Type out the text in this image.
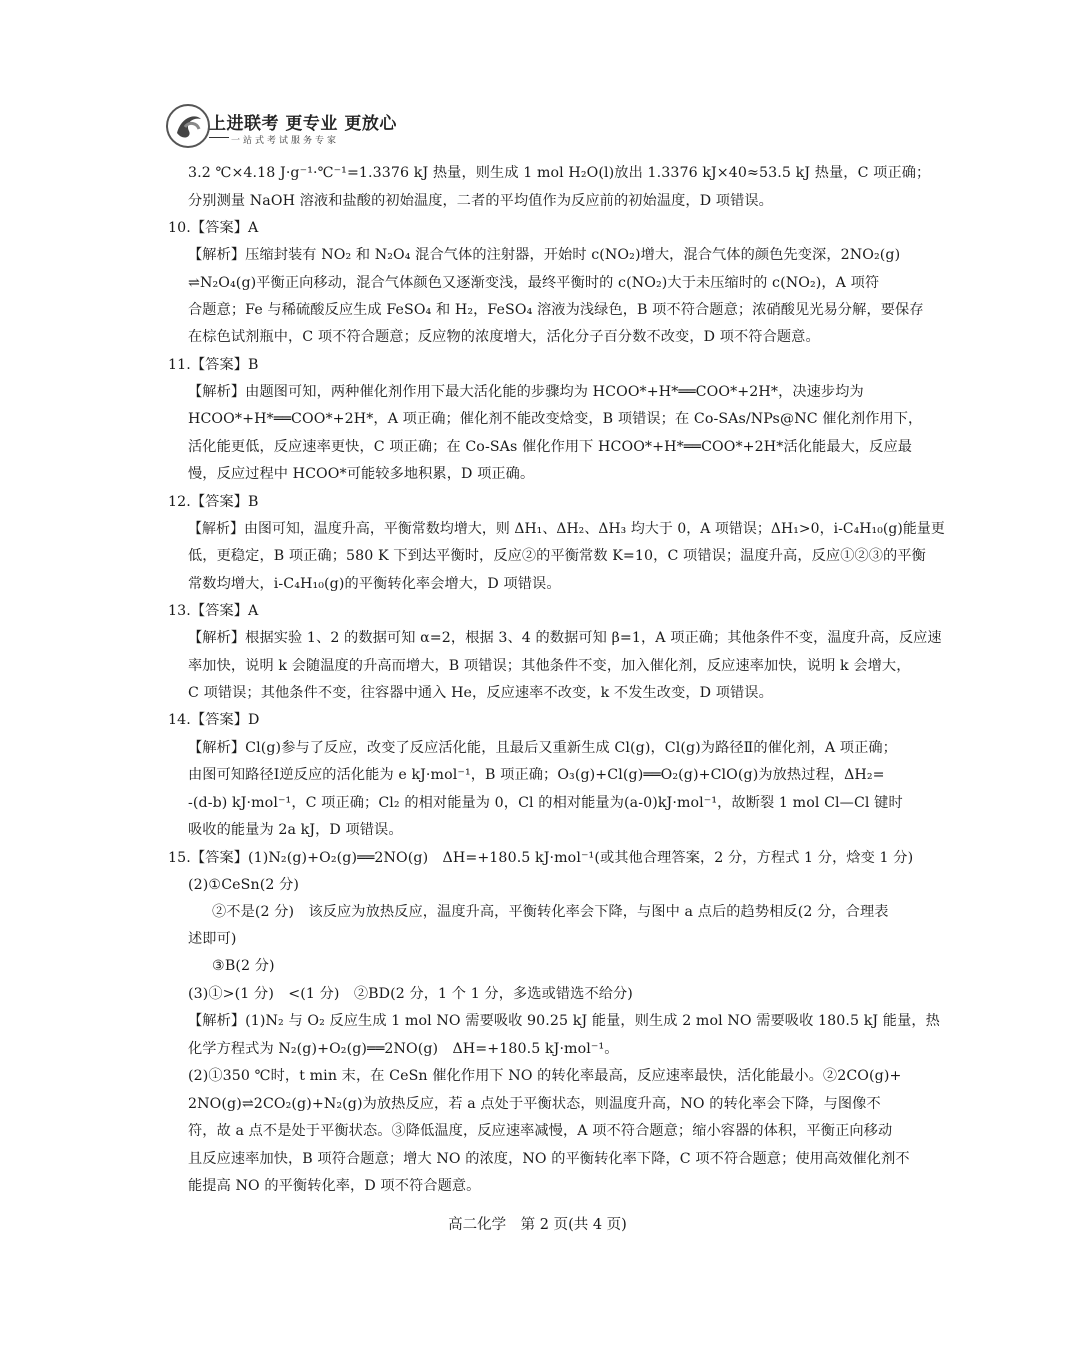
上进联考 更专业 更放心
一站式考试服务专家
3.2 ℃×4.18 J·g⁻¹·℃⁻¹=1.3376 kJ 热量，则生成 1 mol H₂O(l)放出 1.3376 kJ×40≈53.5 kJ 热量，C 项正确；
分别测量 NaOH 溶液和盐酸的初始温度，二者的平均值作为反应前的初始温度，D 项错误。
10.【答案】A
【解析】压缩封装有 NO₂ 和 N₂O₄ 混合气体的注射器，开始时 c(NO₂)增大，混合气体的颜色先变深，2NO₂(g)
⇌N₂O₄(g)平衡正向移动，混合气体颜色又逐渐变浅，最终平衡时的 c(NO₂)大于未压缩时的 c(NO₂)，A 项符
合题意；Fe 与稀硫酸反应生成 FeSO₄ 和 H₂，FeSO₄ 溶液为浅绿色，B 项不符合题意；浓硝酸见光易分解，要保存
在棕色试剂瓶中，C 项不符合题意；反应物的浓度增大，活化分子百分数不改变，D 项不符合题意。
11.【答案】B
【解析】由题图可知，两种催化剂作用下最大活化能的步骤均为 HCOO*+H*══COO*+2H*，决速步均为
HCOO*+H*══COO*+2H*，A 项正确；催化剂不能改变焓变，B 项错误；在 Co-SAs/NPs@NC 催化剂作用下，
活化能更低，反应速率更快，C 项正确；在 Co-SAs 催化作用下 HCOO*+H*══COO*+2H*活化能最大，反应最
慢，反应过程中 HCOO*可能较多地积累，D 项正确。
12.【答案】B
【解析】由图可知，温度升高，平衡常数均增大，则 ΔH₁、ΔH₂、ΔH₃ 均大于 0，A 项错误；ΔH₁>0，i-C₄H₁₀(g)能量更
低，更稳定，B 项正确；580 K 下到达平衡时，反应②的平衡常数 K=10，C 项错误；温度升高，反应①②③的平衡
常数均增大，i-C₄H₁₀(g)的平衡转化率会增大，D 项错误。
13.【答案】A
【解析】根据实验 1、2 的数据可知 α=2，根据 3、4 的数据可知 β=1，A 项正确；其他条件不变，温度升高，反应速
率加快，说明 k 会随温度的升高而增大，B 项错误；其他条件不变，加入催化剂，反应速率加快，说明 k 会增大，
C 项错误；其他条件不变，往容器中通入 He，反应速率不改变，k 不发生改变，D 项错误。
14.【答案】D
【解析】Cl(g)参与了反应，改变了反应活化能，且最后又重新生成 Cl(g)，Cl(g)为路径Ⅱ的催化剂，A 项正确；
由图可知路径Ⅰ逆反应的活化能为 e kJ·mol⁻¹，B 项正确；O₃(g)+Cl(g)══O₂(g)+ClO(g)为放热过程，ΔH₂=
-(d-b) kJ·mol⁻¹，C 项正确；Cl₂ 的相对能量为 0，Cl 的相对能量为(a-0)kJ·mol⁻¹，故断裂 1 mol Cl—Cl 键时
吸收的能量为 2a kJ，D 项错误。
15.【答案】(1)N₂(g)+O₂(g)══2NO(g)　ΔH=+180.5 kJ·mol⁻¹(或其他合理答案，2 分，方程式 1 分，焓变 1 分)
(2)①CeSn(2 分)
②不是(2 分)　该反应为放热反应，温度升高，平衡转化率会下降，与图中 a 点后的趋势相反(2 分，合理表
述即可)
③B(2 分)
(3)①>(1 分)　<(1 分)　②BD(2 分，1 个 1 分，多选或错选不给分)
【解析】(1)N₂ 与 O₂ 反应生成 1 mol NO 需要吸收 90.25 kJ 能量，则生成 2 mol NO 需要吸收 180.5 kJ 能量，热
化学方程式为 N₂(g)+O₂(g)══2NO(g)　ΔH=+180.5 kJ·mol⁻¹。
(2)①350 ℃时，t min 末，在 CeSn 催化作用下 NO 的转化率最高，反应速率最快，活化能最小。②2CO(g)+
2NO(g)⇌2CO₂(g)+N₂(g)为放热反应，若 a 点处于平衡状态，则温度升高，NO 的转化率会下降，与图像不
符，故 a 点不是处于平衡状态。③降低温度，反应速率减慢，A 项不符合题意；缩小容器的体积，平衡正向移动
且反应速率加快，B 项符合题意；增大 NO 的浓度，NO 的平衡转化率下降，C 项不符合题意；使用高效催化剂不
能提高 NO 的平衡转化率，D 项不符合题意。
高二化学　第 2 页(共 4 页)
